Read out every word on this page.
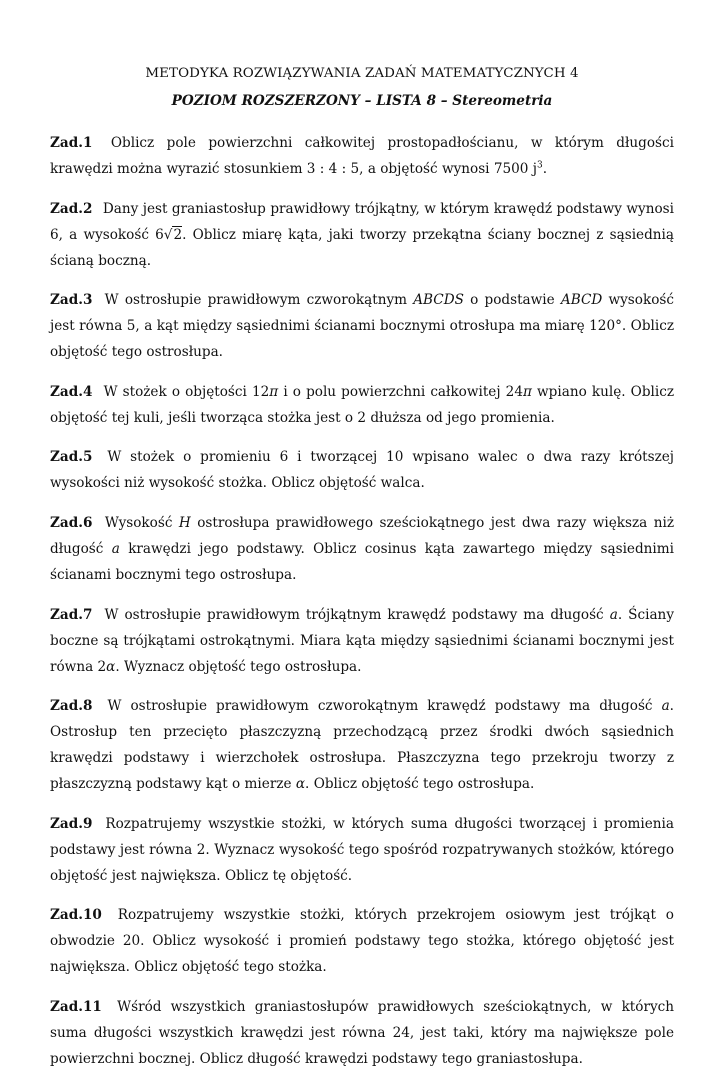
METODYKA ROZWIĄZYWANIA ZADAŃ MATEMATYCZNYCH 4
POZIOM ROZSZERZONY – LISTA 8 – Stereometria

Zad.1 Oblicz pole powierzchni całkowitej prostopadłościanu, w którym długości krawędzi można wyrazić stosunkiem 3 : 4 : 5, a objętość wynosi 7500 $j^3$.

Zad.2 Dany jest graniastosłup prawidłowy trójkątny, w którym krawędź podstawy wynosi 6, a wysokość 6√2. Oblicz miarę kąta, jaki tworzy przekątna ściany bocznej z sąsiednią ścianą boczną.

Zad.3 W ostrosłupie prawidłowym czworokątnym ABCDS o podstawie ABCD wysokość jest równa 5, a kąt między sąsiednimi ścianami bocznymi otrosłupa ma miarę 120°. Oblicz objętość tego ostrosłupa.

Zad.4 W stożek o objętości 12π i o polu powierzchni całkowitej 24π wpiano kulę. Oblicz objętość tej kuli, jeśli tworząca stożka jest o 2 dłuższa od jego promienia.

Zad.5 W stożek o promieniu 6 i tworzącej 10 wpisano walec o dwa razy krótszej wysokości niż wysokość stożka. Oblicz objętość walca.

Zad.6 Wysokość H ostrosłupa prawidłowego sześciokątnego jest dwa razy większa niż długość a krawędzi jego podstawy. Oblicz cosinus kąta zawartego między sąsiednimi ścianami bocznymi tego ostrosłupa.

Zad.7 W ostrosłupie prawidłowym trójkątnym krawędź podstawy ma długość a. Ściany boczne są trójkątami ostrokątnymi. Miara kąta między sąsiednimi ścianami bocznymi jest równa 2α. Wyznacz objętość tego ostrosłupa.

Zad.8 W ostrosłupie prawidłowym czworokątnym krawędź podstawy ma długość a. Ostrosłup ten przecięto płaszczyzną przechodzącą przez środki dwóch sąsiednich krawędzi podstawy i wierzchołek ostrosłupa. Płaszczyzna tego przekroju tworzy z płaszczyzną podstawy kąt o mierze α. Oblicz objętość tego ostrosłupa.

Zad.9 Rozpatrujemy wszystkie stożki, w których suma długości tworzącej i promienia podstawy jest równa 2. Wyznacz wysokość tego spośród rozpatrywanych stożków, którego objętość jest największa. Oblicz tę objętość.

Zad.10 Rozpatrujemy wszystkie stożki, których przekrojem osiowym jest trójkąt o obwodzie 20. Oblicz wysokość i promień podstawy tego stożka, którego objętość jest największa. Oblicz objętość tego stożka.

Zad.11 Wśród wszystkich graniastosłupów prawidłowych sześciokątnych, w których suma długości wszystkich krawędzi jest równa 24, jest taki, który ma największe pole powierzchni bocznej. Oblicz długość krawędzi podstawy tego graniastosłupa.
